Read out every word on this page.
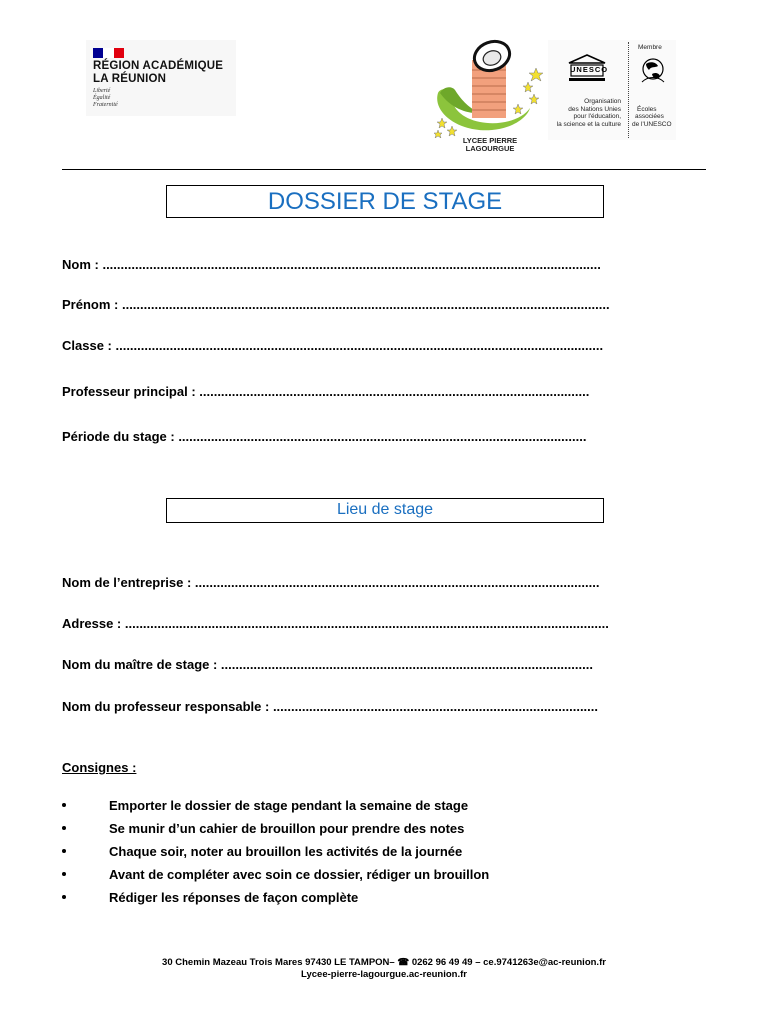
RÉGION ACADÉMIQUE
LA RÉUNION
Liberté
Égalité
Fraternité
LYCEE PIERRE
LAGOURGUE
UNESCO
Organisation
des Nations Unies
pour l'éducation,
la science et la culture
Membre
Écoles
associées
de l'UNESCO
DOSSIER DE STAGE
Nom : ..........................................................................................................................................
Prénom : .......................................................................................................................................
Classe : .......................................................................................................................................
Professeur principal : ............................................................................................................
Période du stage : .................................................................................................................
Lieu de stage
Nom de l’entreprise : ................................................................................................................
Adresse : ......................................................................................................................................
Nom du maître de stage : .......................................................................................................
Nom du professeur responsable : ..........................................................................................
Consignes :
Emporter le dossier de stage pendant la semaine de stage
Se munir d’un cahier de brouillon pour prendre des notes
Chaque soir, noter au brouillon les activités de la journée
Avant de compléter avec soin ce dossier, rédiger un brouillon
Rédiger les réponses de façon complète
30 Chemin Mazeau Trois Mares 97430 LE TAMPON– ☎ 0262 96 49 49 – ce.9741263e@ac-reunion.fr
Lycee-pierre-lagourgue.ac-reunion.fr
